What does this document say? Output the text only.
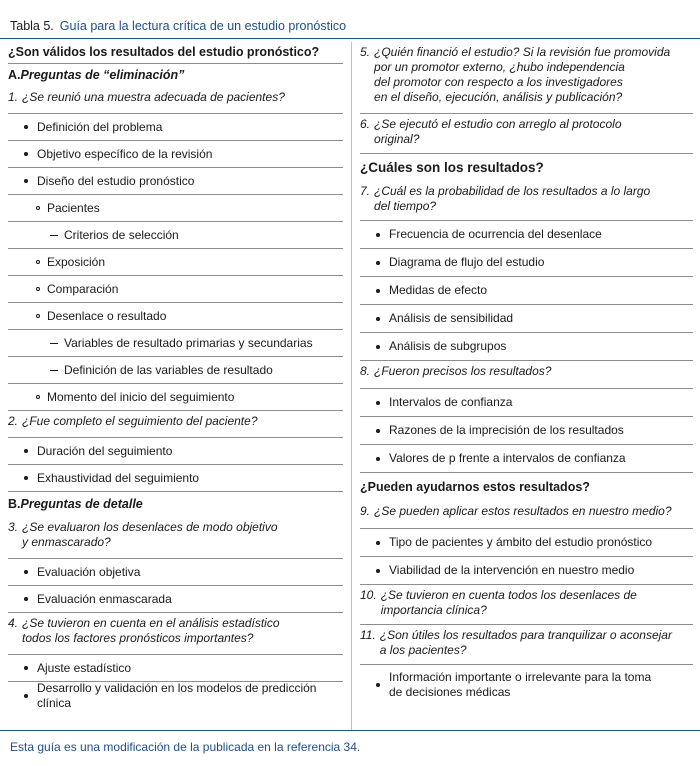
Tabla 5. Guía para la lectura crítica de un estudio pronóstico
¿Son válidos los resultados del estudio pronóstico?
A. Preguntas de “eliminación”
1. ¿Se reunió una muestra adecuada de pacientes?
Definición del problema
Objetivo específico de la revisión
Diseño del estudio pronóstico
Pacientes
Criterios de selección
Exposición
Comparación
Desenlace o resultado
Variables de resultado primarias y secundarias
Definición de las variables de resultado
Momento del inicio del seguimiento
2. ¿Fue completo el seguimiento del paciente?
Duración del seguimiento
Exhaustividad del seguimiento
B. Preguntas de detalle
3. ¿Se evaluaron los desenlaces de modo objetivo
y enmascarado?
Evaluación objetiva
Evaluación enmascarada
4. ¿Se tuvieron en cuenta en el análisis estadístico
todos los factores pronósticos importantes?
Ajuste estadístico
Desarrollo y validación en los modelos de predicción clínica
5. ¿Quién financió el estudio? Si la revisión fue promovida
por un promotor externo, ¿hubo independencia
del promotor con respecto a los investigadores
en el diseño, ejecución, análisis y publicación?
6. ¿Se ejecutó el estudio con arreglo al protocolo
original?
¿Cuáles son los resultados?
7. ¿Cuál es la probabilidad de los resultados a lo largo
del tiempo?
Frecuencia de ocurrencia del desenlace
Diagrama de flujo del estudio
Medidas de efecto
Análisis de sensibilidad
Análisis de subgrupos
8. ¿Fueron precisos los resultados?
Intervalos de confianza
Razones de la imprecisión de los resultados
Valores de p frente a intervalos de confianza
¿Pueden ayudarnos estos resultados?
9. ¿Se pueden aplicar estos resultados en nuestro medio?
Tipo de pacientes y ámbito del estudio pronóstico
Viabilidad de la intervención en nuestro medio
10. ¿Se tuvieron en cuenta todos los desenlaces de
importancia clínica?
11. ¿Son útiles los resultados para tranquilizar o aconsejar
a los pacientes?
Información importante o irrelevante para la toma
de decisiones médicas
Esta guía es una modificación de la publicada en la referencia 34.
